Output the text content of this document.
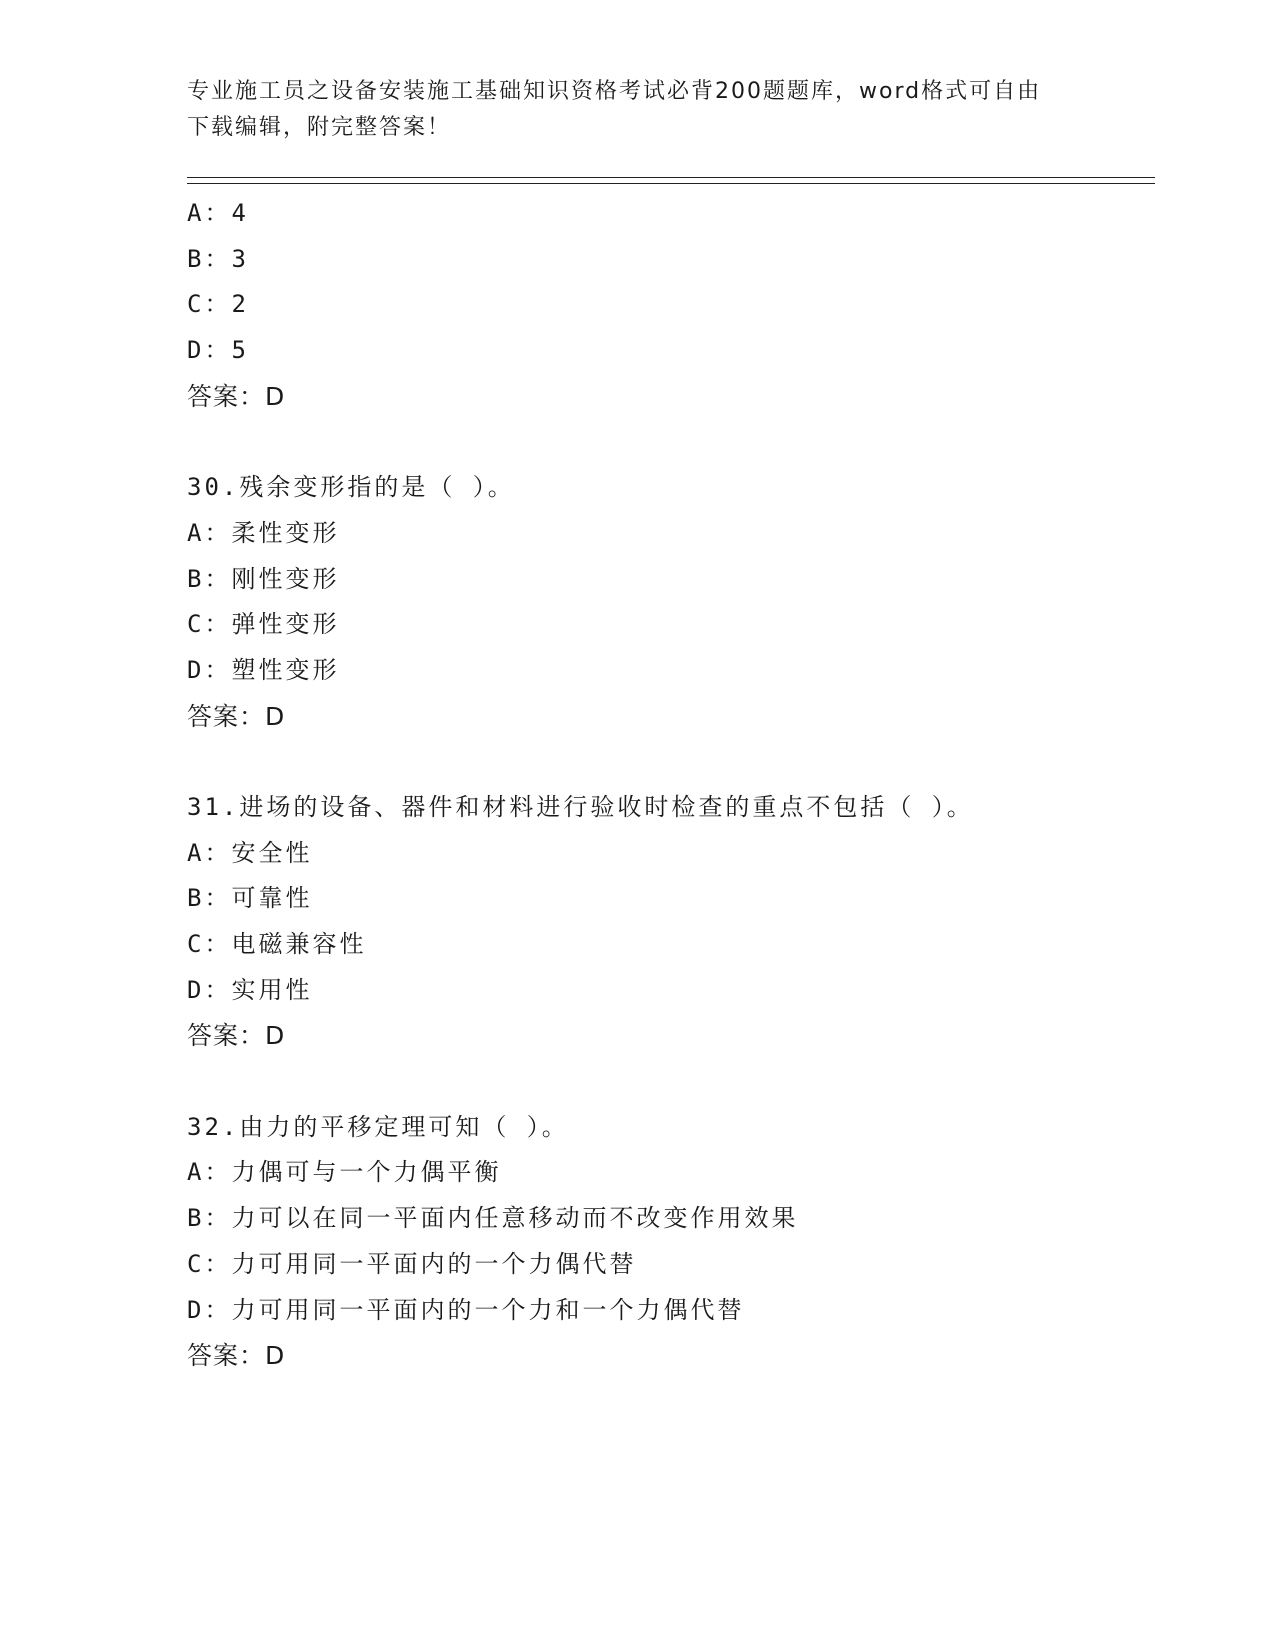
专业施工员之设备安装施工基础知识资格考试必背200题题库，word格式可自由
下载编辑，附完整答案！
A：4
B：3
C：2
D：5
答案：D
30.残余变形指的是（ ）。
A：柔性变形
B：刚性变形
C：弹性变形
D：塑性变形
答案：D
31.进场的设备、器件和材料进行验收时检查的重点不包括（ ）。
A：安全性
B：可靠性
C：电磁兼容性
D：实用性
答案：D
32.由力的平移定理可知（ ）。
A：力偶可与一个力偶平衡
B：力可以在同一平面内任意移动而不改变作用效果
C：力可用同一平面内的一个力偶代替
D：力可用同一平面内的一个力和一个力偶代替
答案：D
